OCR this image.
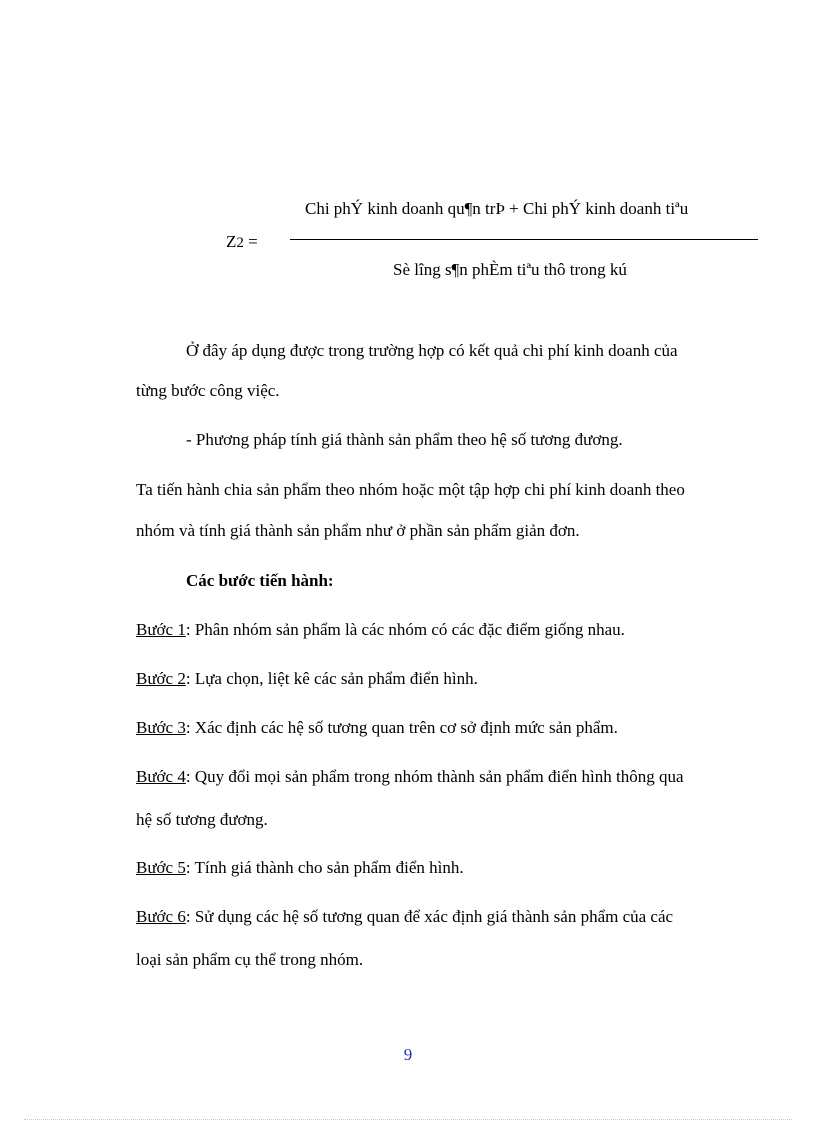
Z2 =
Chi phÝ kinh doanh qu¶n trÞ + Chi phÝ kinh doanh tiªu
Sè lîng s¶n phÈm tiªu thô trong kú
Ở đây áp dụng được trong trường hợp có kết quả chi phí kinh doanh của
từng bước công việc.
- Phương pháp tính giá thành sản phẩm theo hệ số tương đương.
Ta tiến hành chia sản phẩm theo nhóm hoặc một tập hợp chi phí kinh doanh theo
nhóm và tính giá thành sản phẩm như ở phần sản phẩm giản đơn.
Các bước tiến hành:
Bước 1: Phân nhóm sản phẩm là các nhóm có các đặc điểm giống nhau.
Bước 2: Lựa chọn, liệt kê các sản phẩm điển hình.
Bước 3: Xác định các hệ số tương quan trên cơ sở định mức sản phẩm.
Bước 4: Quy đổi mọi sản phẩm trong nhóm thành sản phẩm điển hình thông qua
hệ số tương đương.
Bước 5: Tính giá thành cho sản phẩm điển hình.
Bước 6: Sử dụng các hệ số tương quan để xác định giá thành sản phẩm của các
loại sản phẩm cụ thể trong nhóm.
9
